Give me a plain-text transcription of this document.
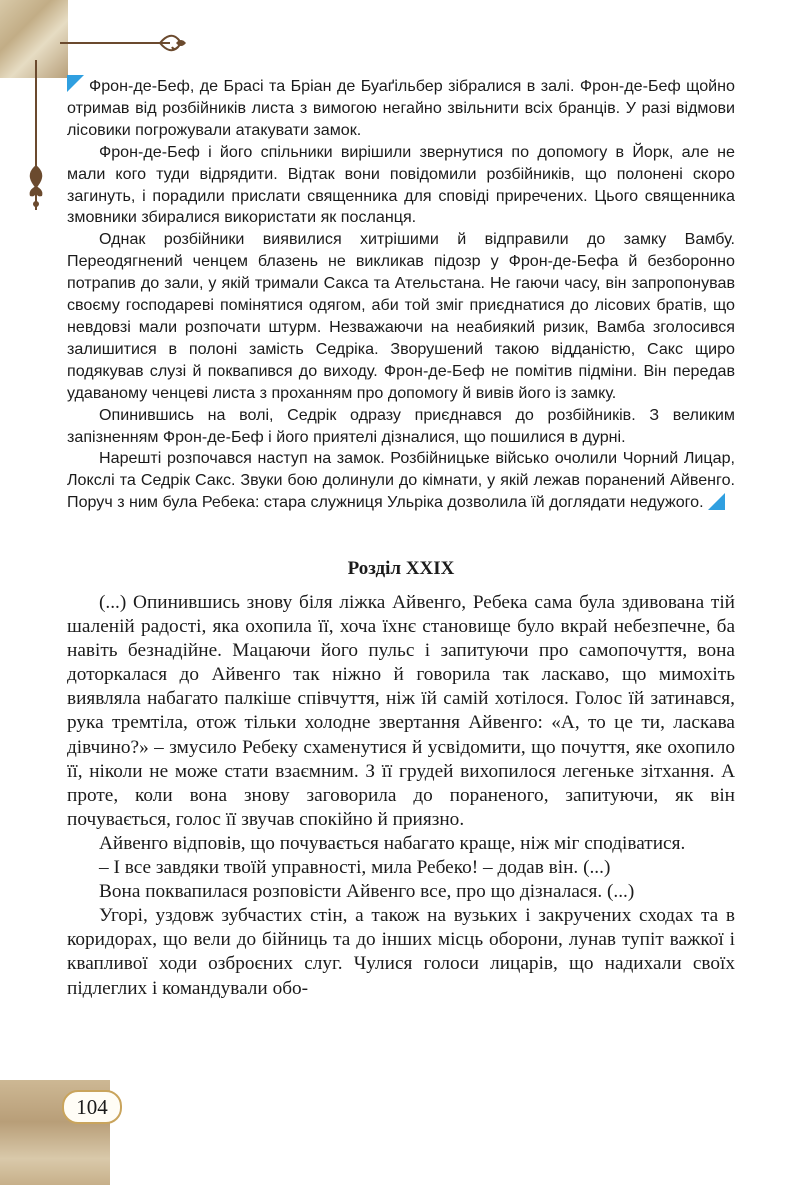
Фрон-де-Беф, де Брасі та Бріан де Буаґільбер зібралися в залі. Фрон-де-Беф щойно отримав від розбійників листа з вимогою негайно звільнити всіх бранців. У разі відмови лісовики погрожували атакувати замок.

Фрон-де-Беф і його спільники вирішили звернутися по допомогу в Йорк, але не мали кого туди відрядити. Відтак вони повідомили розбійників, що полонені скоро загинуть, і порадили прислати священника для сповіді приречених. Цього священника змовники збиралися використати як посланця.

Однак розбійники виявилися хитрішими й відправили до замку Вамбу. Переодягнений ченцем блазень не викликав підозр у Фрон-де-Бефа й безборонно потрапив до зали, у якій тримали Сакса та Ательстана. Не гаючи часу, він запропонував своєму господареві помінятися одягом, аби той зміг приєднатися до лісових братів, що невдовзі мали розпочати штурм. Незважаючи на неабиякий ризик, Вамба зголосився залишитися в полоні замість Седріка. Зворушений такою відданістю, Сакс щиро подякував слузі й поквапився до виходу. Фрон-де-Беф не помітив підміни. Він передав удаваному ченцеві листа з проханням про допомогу й вивів його із замку.

Опинившись на волі, Седрік одразу приєднався до розбійників. З великим запізненням Фрон-де-Беф і його приятелі дізналися, що пошилися в дурні.

Нарешті розпочався наступ на замок. Розбійницьке військо очолили Чорний Лицар, Локслі та Седрік Сакс. Звуки бою долинули до кімнати, у якій лежав поранений Айвенго. Поруч з ним була Ребека: стара служниця Ульріка дозволила їй доглядати недужого.

Розділ XXIX

(...) Опинившись знову біля ліжка Айвенго, Ребека сама була здивована тій шаленій радості, яка охопила її, хоча їхнє становище було вкрай небезпечне, ба навіть безнадійне. Мацаючи його пульс і запитуючи про самопочуття, вона доторкалася до Айвенго так ніжно й говорила так ласкаво, що мимохіть виявляла набагато палкіше співчуття, ніж їй самій хотілося. Голос їй затинався, рука тремтіла, отож тільки холодне звертання Айвенго: «А, то це ти, ласкава дівчино?» – змусило Ребеку схаменутися й усвідомити, що почуття, яке охопило її, ніколи не може стати взаємним. З її грудей вихопилося легенькe зітхання. А проте, коли вона знову заговорила до пораненого, запитуючи, як він почувається, голос її звучав спокійно й приязно.

Айвенго відповів, що почувається набагато краще, ніж міг сподіватися.

– І все завдяки твоїй управності, мила Ребеко! – додав він. (...)

Вона поквапилася розповісти Айвенго все, про що дізналася. (...)

Угорі, уздовж зубчастих стін, а також на вузьких і закручених сходах та в коридорах, що вели до бійниць та до інших місць оборони, лунав тупіт важкої і квапливої ходи озброєних слуг. Чулися голоси лицарів, що надихали своїх підлеглих і командували обо-

104
